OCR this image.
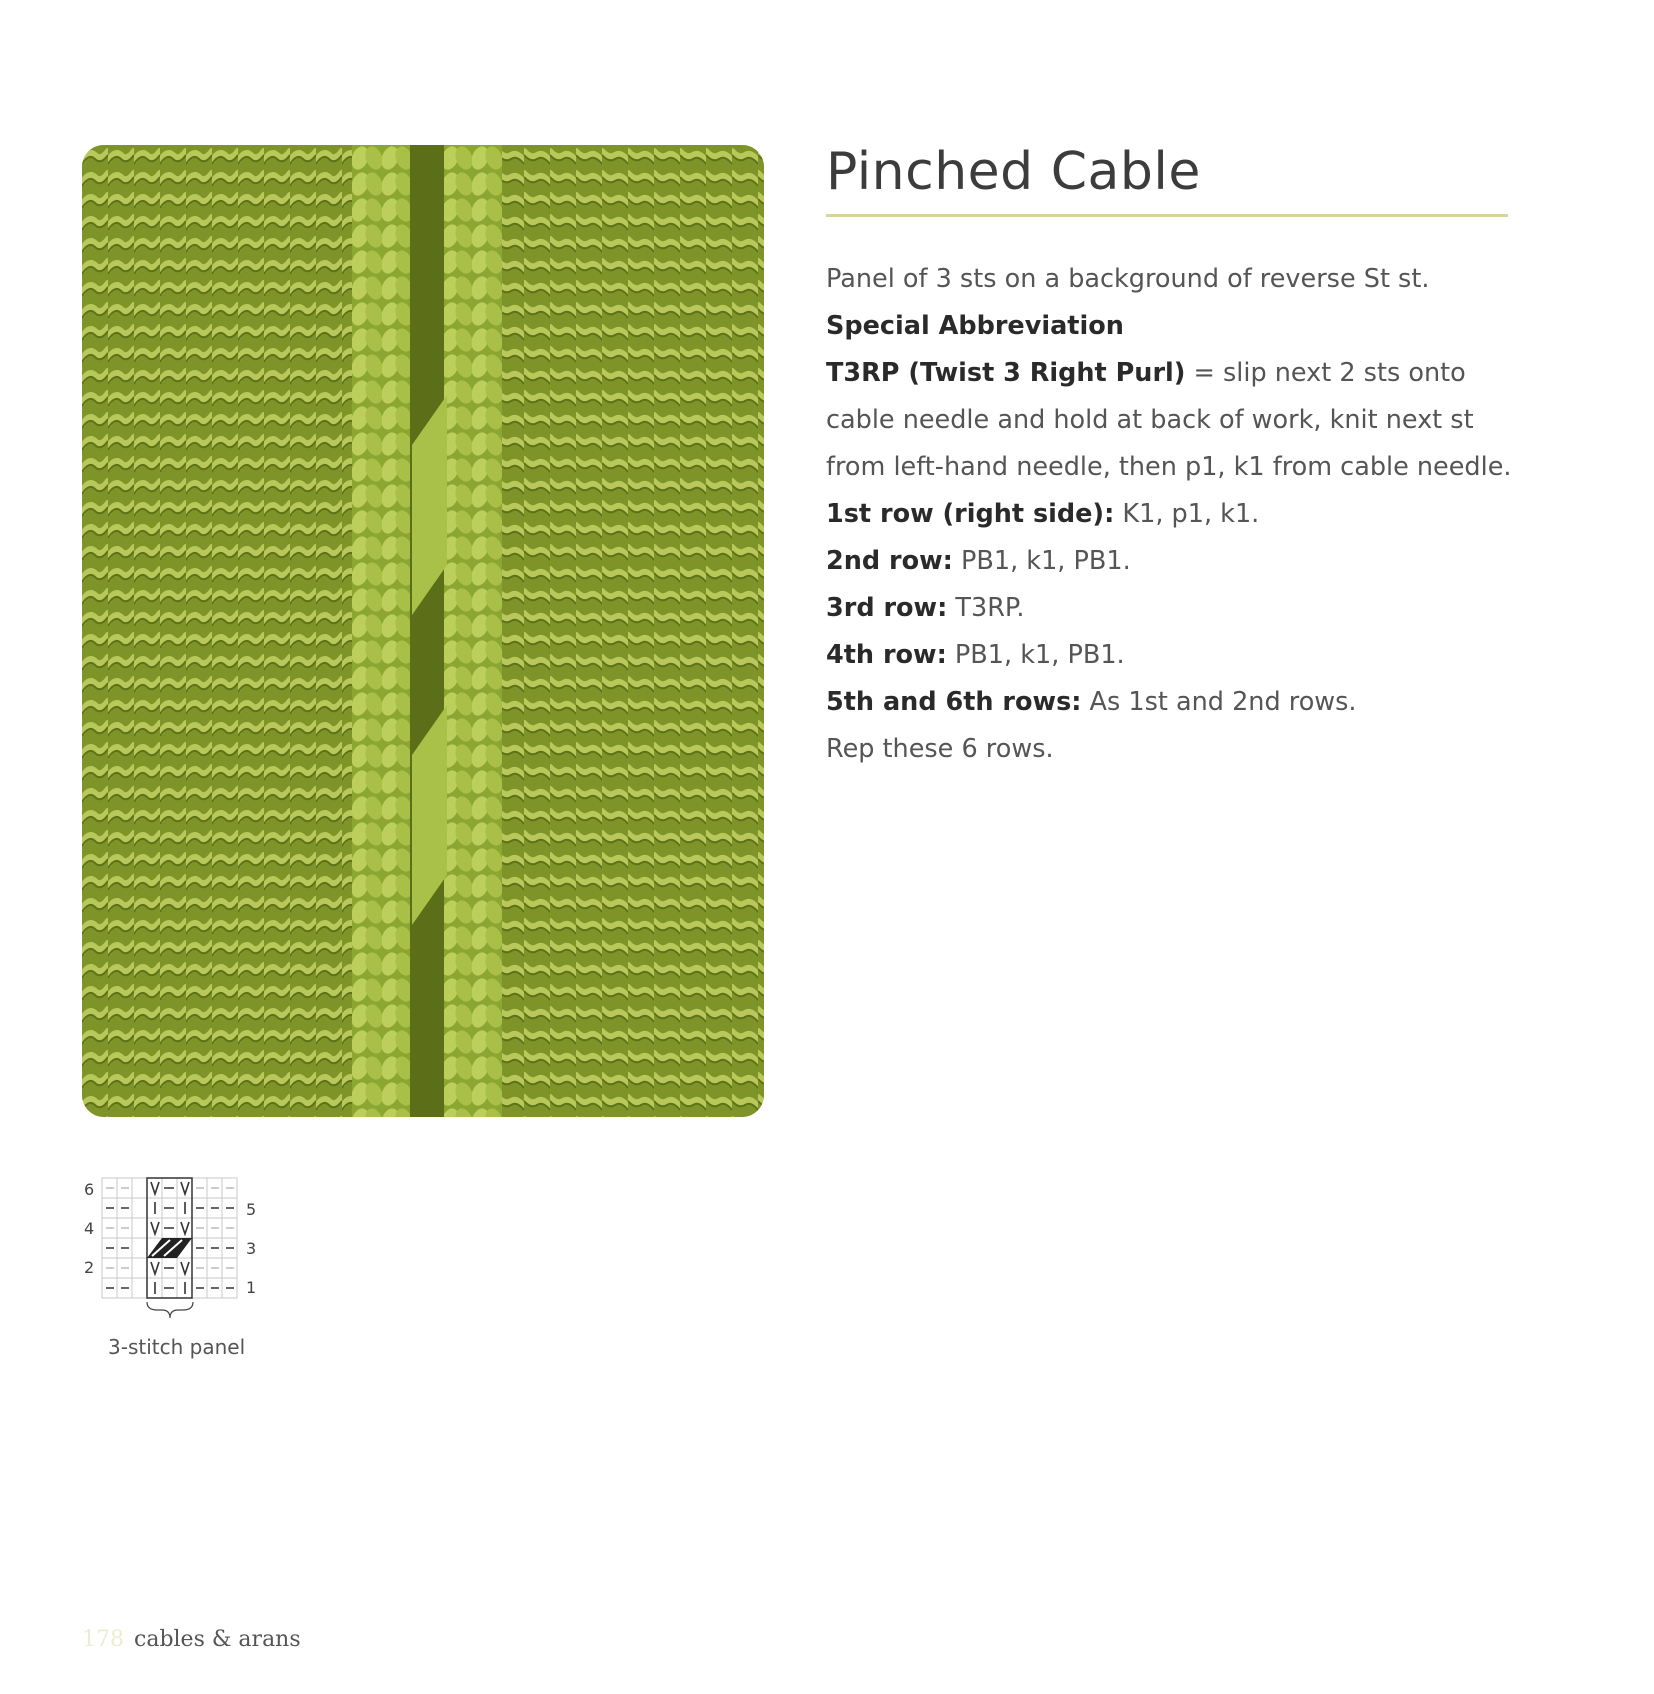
Pinched Cable

Panel of 3 sts on a background of reverse St st.

Special Abbreviation

T3RP (Twist 3 Right Purl) = slip next 2 sts onto cable needle and hold at back of work, knit next st from left-hand needle, then p1, k1 from cable needle.

1st row (right side): K1, p1, k1.

2nd row: PB1, k1, PB1.

3rd row: T3RP.

4th row: PB1, k1, PB1.

5th and 6th rows: As 1st and 2nd rows.

Rep these 6 rows.

6
4
2
5
3
1
3-stitch panel
178 cables & arans
